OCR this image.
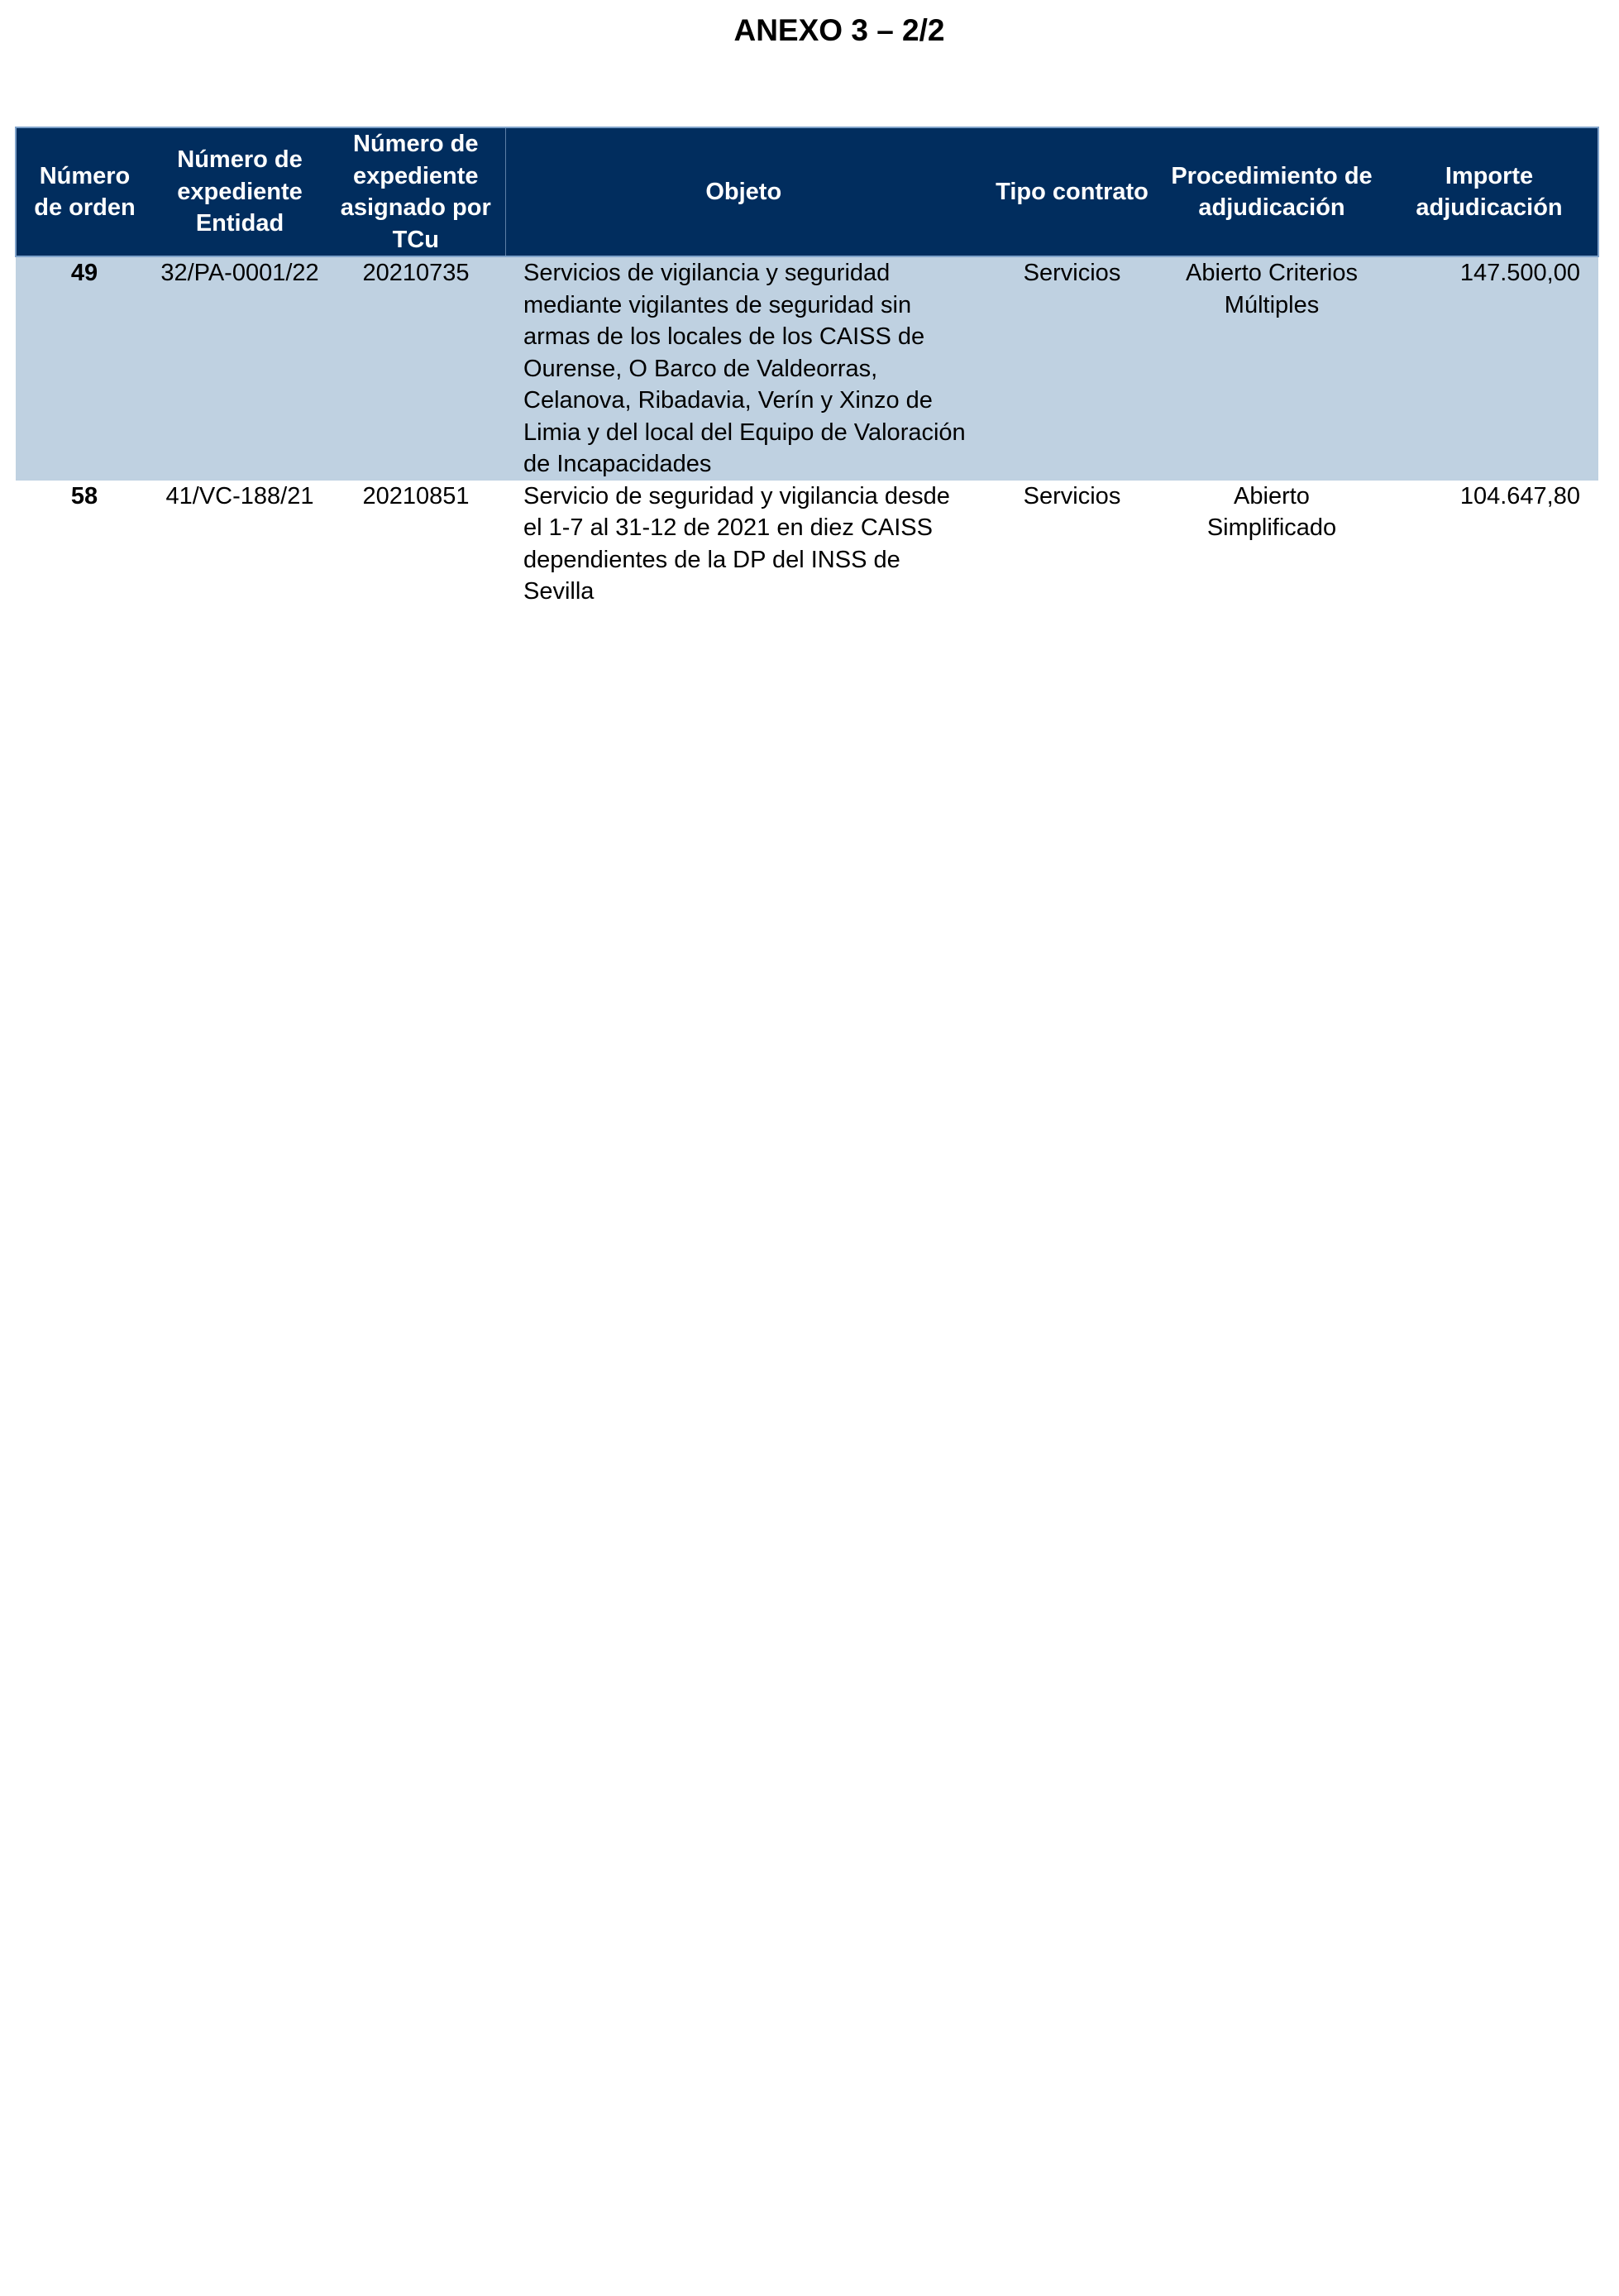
ANEXO 3 – 2/2
Número de orden	Número de expediente Entidad	Número de expediente asignado por TCu	Objeto	Tipo contrato	Procedimiento de adjudicación	Importe adjudicación
49	32/PA-0001/22	20210735	Servicios de vigilancia y seguridad mediante vigilantes de seguridad sin armas de los locales de los CAISS de Ourense, O Barco de Valdeorras, Celanova, Ribadavia, Verín y Xinzo de Limia y del local del Equipo de Valoración de Incapacidades	Servicios	Abierto Criterios Múltiples	147.500,00
58	41/VC-188/21	20210851	Servicio de seguridad y vigilancia desde el 1-7 al 31-12 de 2021 en diez CAISS dependientes de la DP del INSS de Sevilla	Servicios	Abierto Simplificado	104.647,80
